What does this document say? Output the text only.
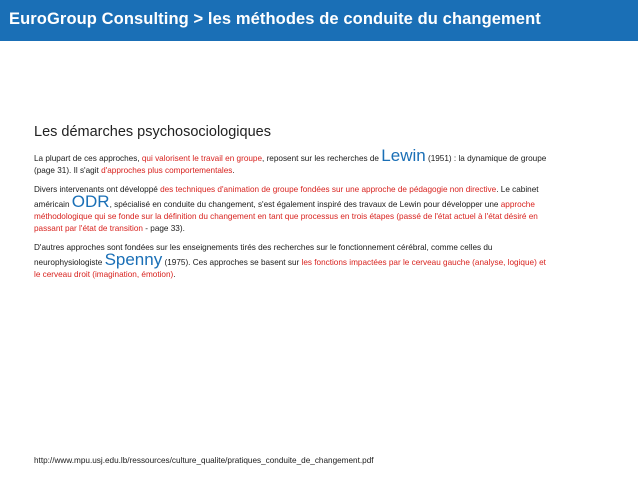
EuroGroup Consulting > les méthodes de conduite du changement
Les démarches psychosociologiques

La plupart de ces approches, qui valorisent le travail en groupe, reposent sur les recherches de Lewin (1951) : la dynamique de groupe (page 31). Il s'agit d'approches plus comportementales.

Divers intervenants ont développé des techniques d'animation de groupe fondées sur une approche de pédagogie non directive. Le cabinet américain ODR, spécialisé en conduite du changement, s'est également inspiré des travaux de Lewin pour développer une approche méthodologique qui se fonde sur la définition du changement en tant que processus en trois étapes (passé de l'état actuel à l'état désiré en passant par l'état de transition - page 33).

D'autres approches sont fondées sur les enseignements tirés des recherches sur le fonctionnement cérébral, comme celles du neurophysiologiste Spenny (1975). Ces approches se basent sur les fonctions impactées par le cerveau gauche (analyse, logique) et le cerveau droit (imagination, émotion).

http://www.mpu.usj.edu.lb/ressources/culture_qualite/pratiques_conduite_de_changement.pdf
